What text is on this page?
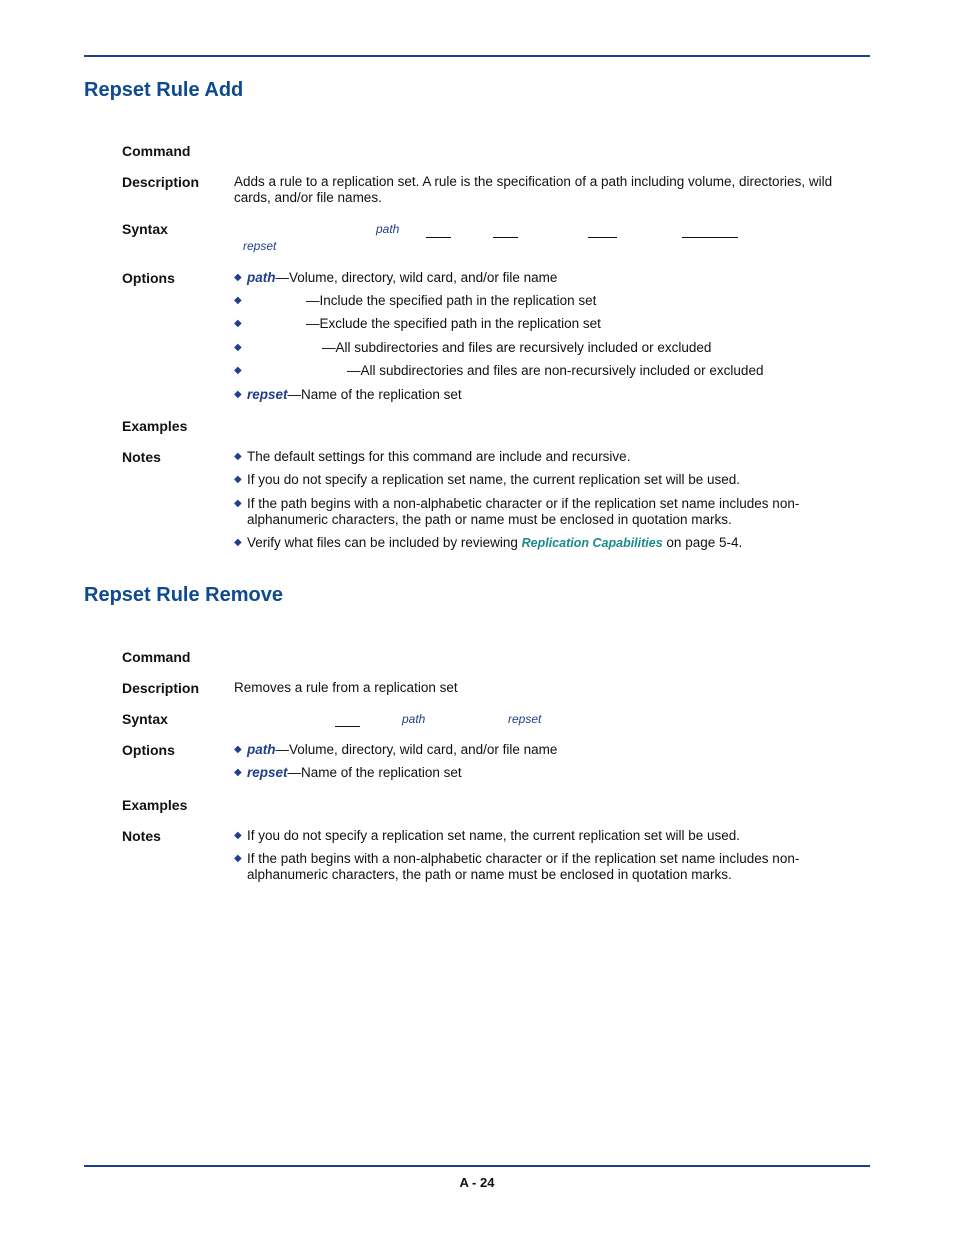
Repset Rule Add
Command
Description	Adds a rule to a replication set. A rule is the specification of a path including volume, directories, wild cards, and/or file names.
Syntax	path
repset
Options	◆ path—Volume, directory, wild card, and/or file name
◆	—Include the specified path in the replication set
◆	—Exclude the specified path in the replication set
◆	—All subdirectories and files are recursively included or excluded
◆	—All subdirectories and files are non-recursively included or excluded
◆ repset—Name of the replication set
Examples
Notes	◆ The default settings for this command are include and recursive.
◆ If you do not specify a replication set name, the current replication set will be used.
◆ If the path begins with a non-alphabetic character or if the replication set name includes non-alphanumeric characters, the path or name must be enclosed in quotation marks.
◆ Verify what files can be included by reviewing Replication Capabilities on page 5-4.
Repset Rule Remove
Command
Description	Removes a rule from a replication set
Syntax	path	repset
Options	◆ path—Volume, directory, wild card, and/or file name
◆ repset—Name of the replication set
Examples
Notes	◆ If you do not specify a replication set name, the current replication set will be used.
◆ If the path begins with a non-alphabetic character or if the replication set name includes non-alphanumeric characters, the path or name must be enclosed in quotation marks.
A - 24
